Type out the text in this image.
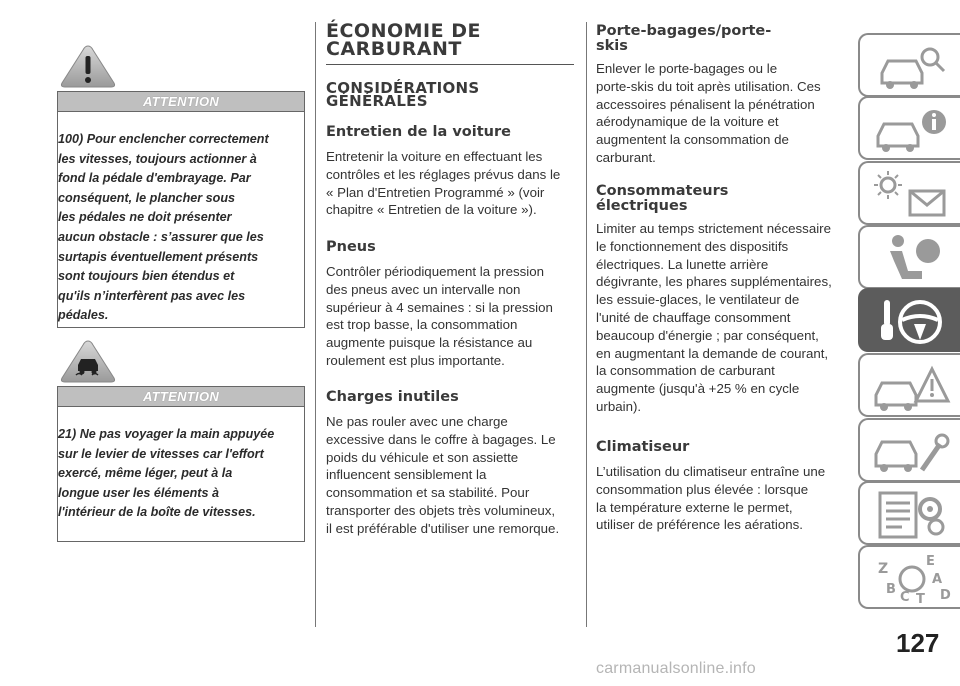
ATTENTION
100) Pour enclencher correctement
les vitesses, toujours actionner à
fond la pédale d'embrayage. Par
conséquent, le plancher sous
les pédales ne doit présenter
aucun obstacle : s’assurer que les
surtapis éventuellement présents
sont toujours bien étendus et
qu'ils n’interfèrent pas avec les
pédales.
ATTENTION
21) Ne pas voyager la main appuyée
sur le levier de vitesses car l'effort
exercé, même léger, peut à la
longue user les éléments à
l'intérieur de la boîte de vitesses.
ÉCONOMIE DE
CARBURANT
CONSIDÉRATIONS
GÉNÉRALES
Entretien de la voiture
Entretenir la voiture en effectuant les
contrôles et les réglages prévus dans le
« Plan d'Entretien Programmé » (voir
chapitre « Entretien de la voiture »).
Pneus
Contrôler périodiquement la pression
des pneus avec un intervalle non
supérieur à 4 semaines : si la pression
est trop basse, la consommation
augmente puisque la résistance au
roulement est plus importante.
Charges inutiles
Ne pas rouler avec une charge
excessive dans le coffre à bagages. Le
poids du véhicule et son assiette
influencent sensiblement la
consommation et sa stabilité. Pour
transporter des objets très volumineux,
il est préférable d'utiliser une remorque.
Porte-bagages/porte-
skis
Enlever le porte-bagages ou le
porte-skis du toit après utilisation. Ces
accessoires pénalisent la pénétration
aérodynamique de la voiture et
augmentent la consommation de
carburant.
Consommateurs
électriques
Limiter au temps strictement nécessaire
le fonctionnement des dispositifs
électriques. La lunette arrière
dégivrante, les phares supplémentaires,
les essuie-glaces, le ventilateur de
l'unité de chauffage consomment
beaucoup d'énergie ; par conséquent,
en augmentant la demande de courant,
la consommation de carburant
augmente (jusqu'à +25 % en cycle
urbain).
Climatiseur
L’utilisation du climatiseur entraîne une
consommation plus élevée : lorsque
la température externe le permet,
utiliser de préférence les aérations.
Z	E
A
B
C T D
127
carmanualsonline.info
